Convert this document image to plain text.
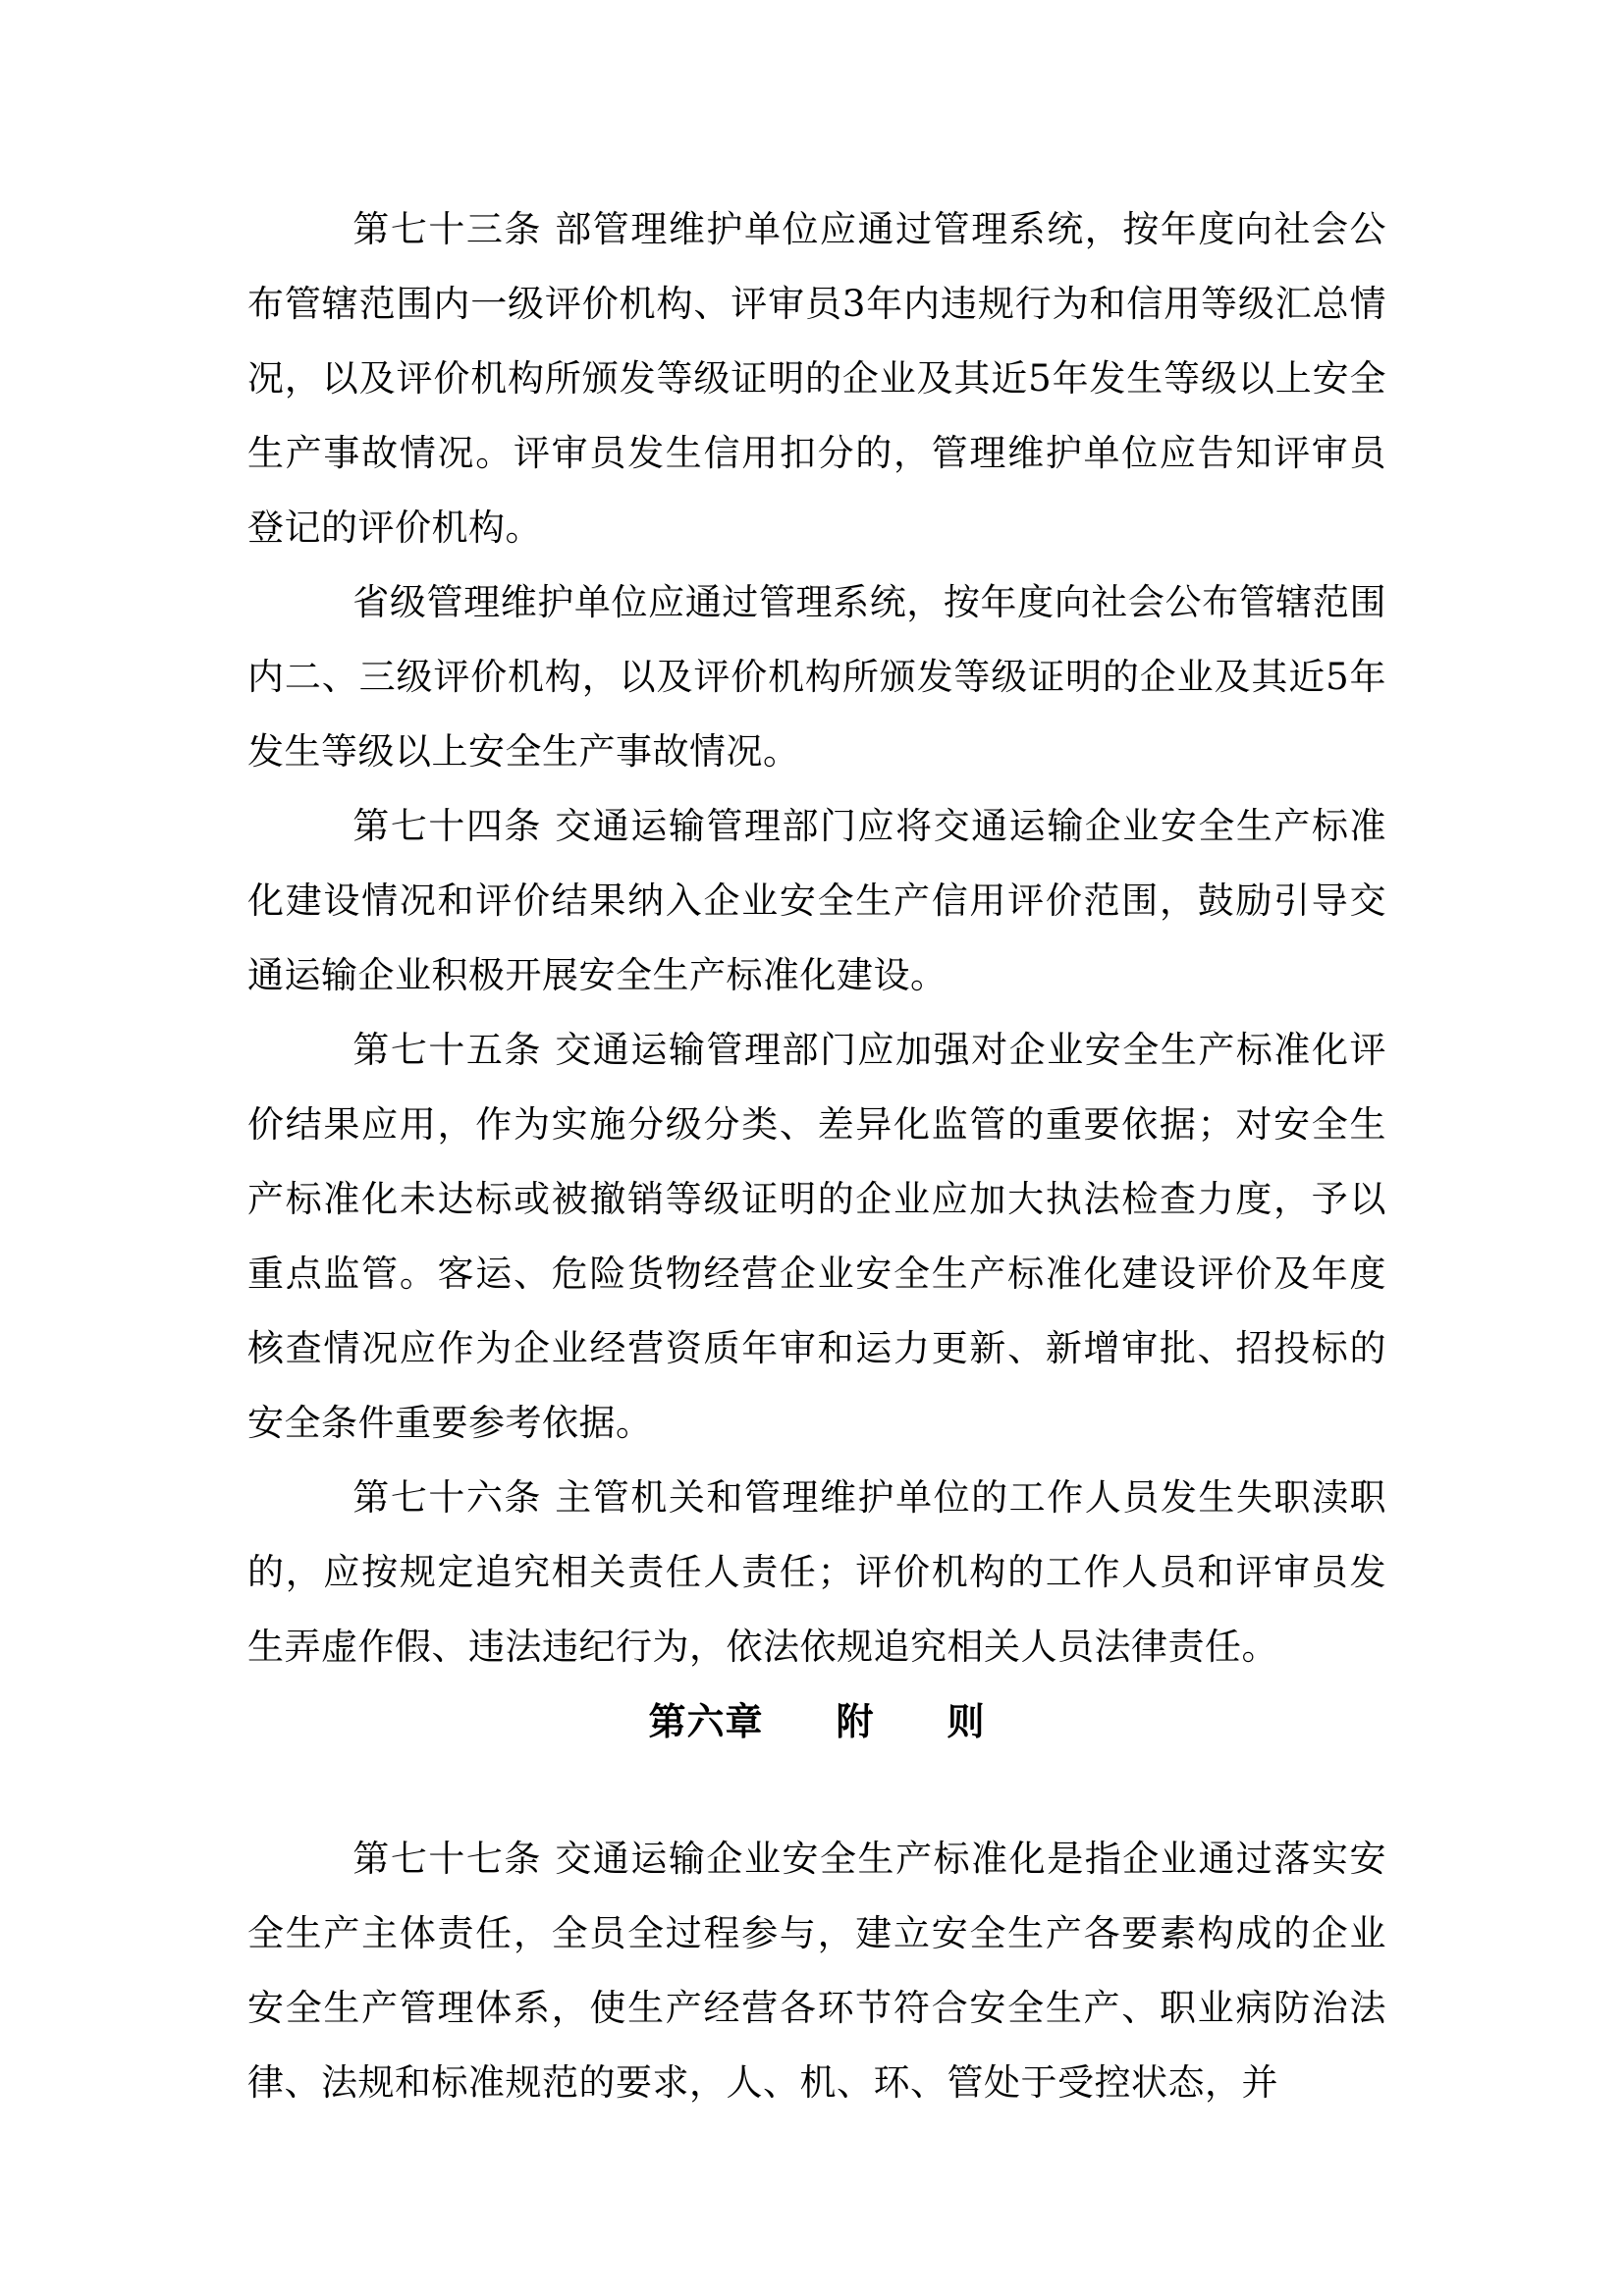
第七十三条 部管理维护单位应通过管理系统，按年度向社会公布管辖范围内一级评价机构、评审员3年内违规行为和信用等级汇总情况，以及评价机构所颁发等级证明的企业及其近5年发生等级以上安全生产事故情况。评审员发生信用扣分的，管理维护单位应告知评审员登记的评价机构。

省级管理维护单位应通过管理系统，按年度向社会公布管辖范围内二、三级评价机构，以及评价机构所颁发等级证明的企业及其近5年发生等级以上安全生产事故情况。

第七十四条 交通运输管理部门应将交通运输企业安全生产标准化建设情况和评价结果纳入企业安全生产信用评价范围，鼓励引导交通运输企业积极开展安全生产标准化建设。

第七十五条 交通运输管理部门应加强对企业安全生产标准化评价结果应用，作为实施分级分类、差异化监管的重要依据；对安全生产标准化未达标或被撤销等级证明的企业应加大执法检查力度，予以重点监管。客运、危险货物经营企业安全生产标准化建设评价及年度核查情况应作为企业经营资质年审和运力更新、新增审批、招投标的安全条件重要参考依据。

第七十六条 主管机关和管理维护单位的工作人员发生失职渎职的，应按规定追究相关责任人责任；评价机构的工作人员和评审员发生弄虚作假、违法违纪行为，依法依规追究相关人员法律责任。

第六章  附  则

第七十七条 交通运输企业安全生产标准化是指企业通过落实安全生产主体责任，全员全过程参与，建立安全生产各要素构成的企业安全生产管理体系，使生产经营各环节符合安全生产、职业病防治法律、法规和标准规范的要求，人、机、环、管处于受控状态，并
